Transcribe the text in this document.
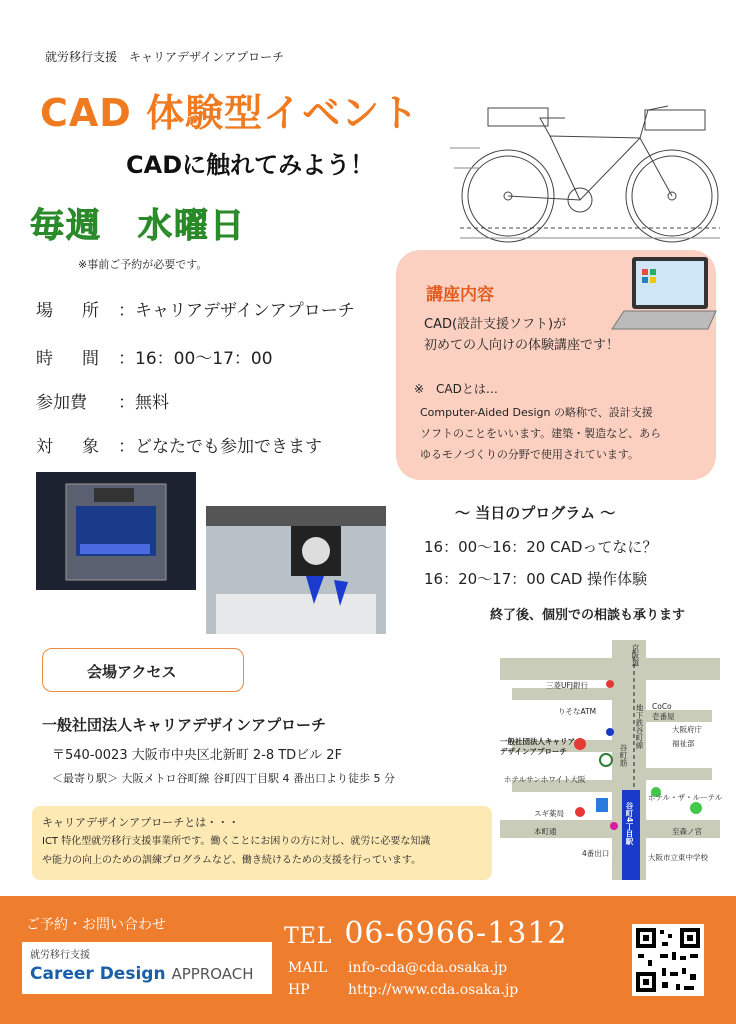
就労移行支援　キャリアデザインアプローチ
CAD 体験型イベント
CADに触れてみよう！
毎週　水曜日
※事前ご予約が必要です。
場　所 ：キャリアデザインアプローチ
時　間 ：16：00～17：00
参加費 ：無料
対　象 ：どなたでも参加できます
講座内容
CAD(設計支援ソフト)が
初めての人向けの体験講座です！
※　CADとは…
Computer-Aided Design の略称で、設計支援
ソフトのことをいいます。建築・製造など、あら
ゆるモノづくりの分野で使用されています。
～ 当日のプログラム ～
16：00～16：20 CADってなに？
16：20～17：00 CAD 操作体験
終了後、個別での相談も承ります
会場アクセス
一般社団法人キャリアデザインアプローチ
〒540-0023 大阪市中央区北新町 2-8 TDビル 2F
＜最寄り駅＞ 大阪メトロ谷町線 谷町四丁目駅 4 番出口より徒歩 5 分
京阪道
三菱UFJ銀行
りそなATM
CoCo壱番屋
大阪府庁
福祉部
一般社団法人キャリア
デザインアプローチ
地下鉄谷町線
谷町筋
ホテルサンホワイト大阪
ホテル・ザ・ルーテル
スギ薬局
本町通	至森ノ宮
4番出口	大阪市立東中学校
谷町4丁目駅
キャリアデザインアプローチとは・・・
ICT 特化型就労移行支援事業所です。働くことにお困りの方に対し、就労に必要な知識
や能力の向上のための訓練プログラムなど、働き続けるための支援を行っています。
ご予約・お問い合わせ
就労移行支援
Career Design APPROACH
TEL 06-6966-1312
MAIL info-cda@cda.osaka.jp
HP	http://www.cda.osaka.jp
